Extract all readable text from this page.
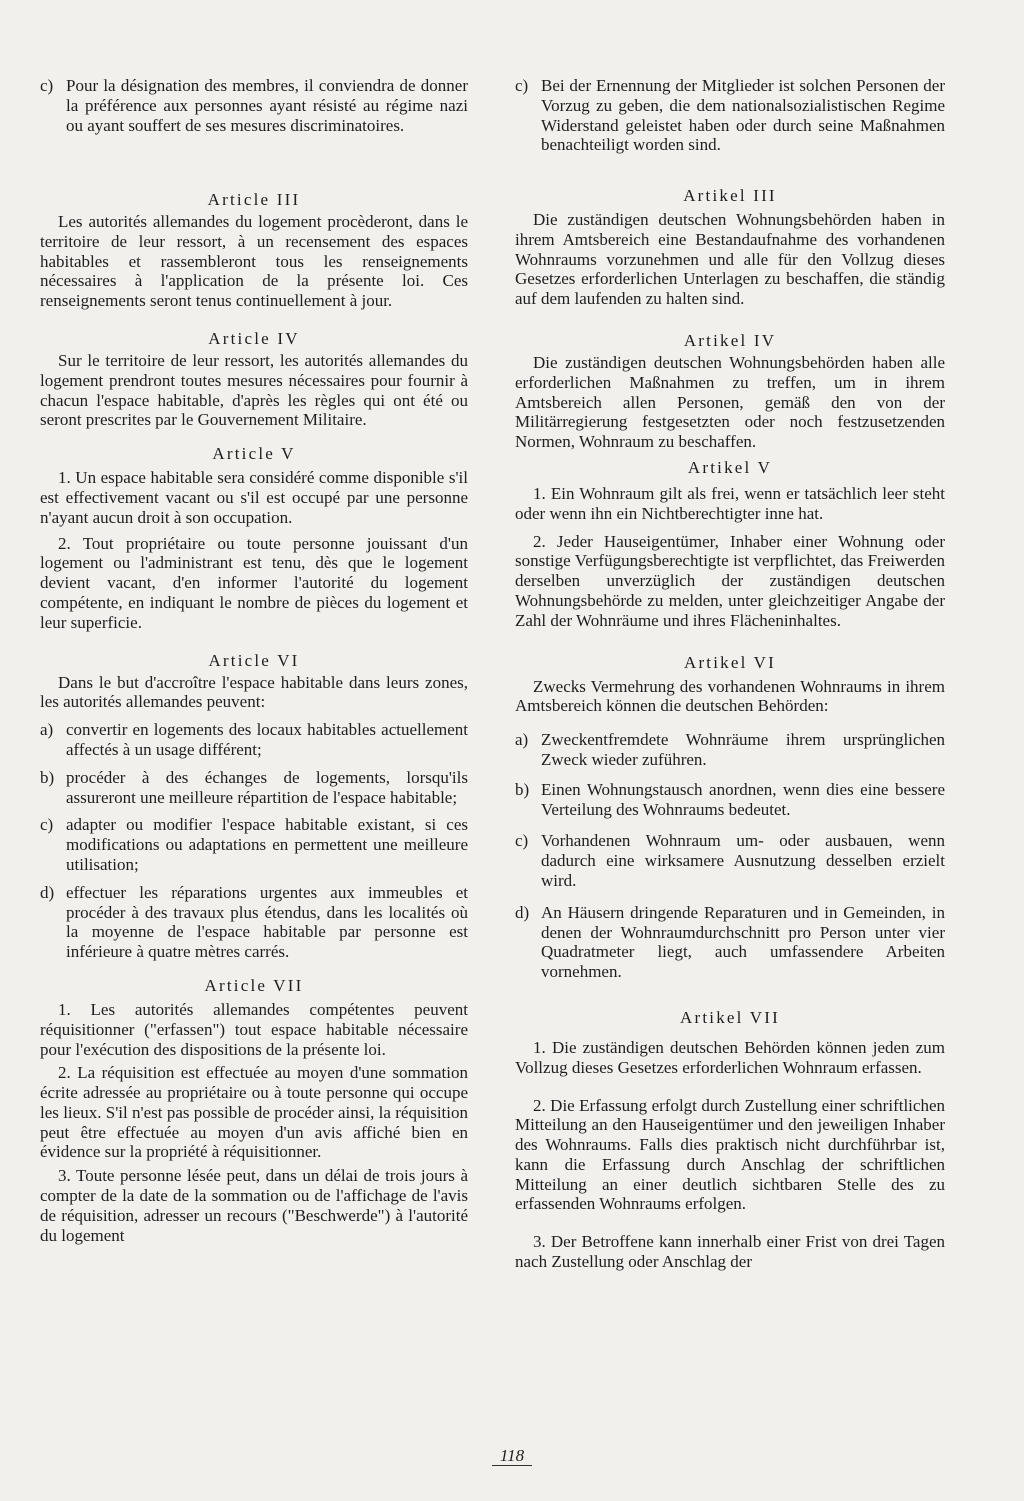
c) Pour la désignation des membres, il conviendra de donner la préférence aux personnes ayant résisté au régime nazi ou ayant souffert de ses mesures discriminatoires.

Article III

Les autorités allemandes du logement procèderont, dans le territoire de leur ressort, à un recensement des espaces habitables et rassembleront tous les renseignements nécessaires à l'application de la présente loi. Ces renseignements seront tenus continuellement à jour.

Article IV

Sur le territoire de leur ressort, les autorités allemandes du logement prendront toutes mesures nécessaires pour fournir à chacun l'espace habitable, d'après les règles qui ont été ou seront prescrites par le Gouvernement Militaire.

Article V

1. Un espace habitable sera considéré comme disponible s'il est effectivement vacant ou s'il est occupé par une personne n'ayant aucun droit à son occupation.

2. Tout propriétaire ou toute personne jouissant d'un logement ou l'administrant est tenu, dès que le logement devient vacant, d'en informer l'autorité du logement compétente, en indiquant le nombre de pièces du logement et leur superficie.

Article VI

Dans le but d'accroître l'espace habitable dans leurs zones, les autorités allemandes peuvent:

a) convertir en logements des locaux habitables actuellement affectés à un usage différent;
b) procéder à des échanges de logements, lorsqu'ils assureront une meilleure répartition de l'espace habitable;
c) adapter ou modifier l'espace habitable existant, si ces modifications ou adaptations en permettent une meilleure utilisation;
d) effectuer les réparations urgentes aux immeubles et procéder à des travaux plus étendus, dans les localités où la moyenne de l'espace habitable par personne est inférieure à quatre mètres carrés.

Article VII

1. Les autorités allemandes compétentes peuvent réquisitionner ("erfassen") tout espace habitable nécessaire pour l'exécution des dispositions de la présente loi.

2. La réquisition est effectuée au moyen d'une sommation écrite adressée au propriétaire ou à toute personne qui occupe les lieux. S'il n'est pas possible de procéder ainsi, la réquisition peut être effectuée au moyen d'un avis affiché bien en évidence sur la propriété à réquisitionner.

3. Toute personne lésée peut, dans un délai de trois jours à compter de la date de la sommation ou de l'affichage de l'avis de réquisition, adresser un recours ("Beschwerde") à l'autorité du logement

c) Bei der Ernennung der Mitglieder ist solchen Personen der Vorzug zu geben, die dem nationalsozialistischen Regime Widerstand geleistet haben oder durch seine Maßnahmen benachteiligt worden sind.

Artikel III

Die zuständigen deutschen Wohnungsbehörden haben in ihrem Amtsbereich eine Bestandaufnahme des vorhandenen Wohnraums vorzunehmen und alle für den Vollzug dieses Gesetzes erforderlichen Unterlagen zu beschaffen, die ständig auf dem laufenden zu halten sind.

Artikel IV

Die zuständigen deutschen Wohnungsbehörden haben alle erforderlichen Maßnahmen zu treffen, um in ihrem Amtsbereich allen Personen, gemäß den von der Militärregierung festgesetzten oder noch festzusetzenden Normen, Wohnraum zu beschaffen.

Artikel V

1. Ein Wohnraum gilt als frei, wenn er tatsächlich leer steht oder wenn ihn ein Nichtberechtigter inne hat.

2. Jeder Hauseigentümer, Inhaber einer Wohnung oder sonstige Verfügungsberechtigte ist verpflichtet, das Freiwerden derselben unverzüglich der zuständigen deutschen Wohnungsbehörde zu melden, unter gleichzeitiger Angabe der Zahl der Wohnräume und ihres Flächeninhaltes.

Artikel VI

Zwecks Vermehrung des vorhandenen Wohnraums in ihrem Amtsbereich können die deutschen Behörden:

a) Zweckentfremdete Wohnräume ihrem ursprünglichen Zweck wieder zuführen.
b) Einen Wohnungstausch anordnen, wenn dies eine bessere Verteilung des Wohnraums bedeutet.
c) Vorhandenen Wohnraum um- oder ausbauen, wenn dadurch eine wirksamere Ausnutzung desselben erzielt wird.
d) An Häusern dringende Reparaturen und in Gemeinden, in denen der Wohnraumdurchschnitt pro Person unter vier Quadratmeter liegt, auch umfassendere Arbeiten vornehmen.

Artikel VII

1. Die zuständigen deutschen Behörden können jeden zum Vollzug dieses Gesetzes erforderlichen Wohnraum erfassen.

2. Die Erfassung erfolgt durch Zustellung einer schriftlichen Mitteilung an den Hauseigentümer und den jeweiligen Inhaber des Wohnraums. Falls dies praktisch nicht durchführbar ist, kann die Erfassung durch Anschlag der schriftlichen Mitteilung an einer deutlich sichtbaren Stelle des zu erfassenden Wohnraums erfolgen.

3. Der Betroffene kann innerhalb einer Frist von drei Tagen nach Zustellung oder Anschlag der

118
